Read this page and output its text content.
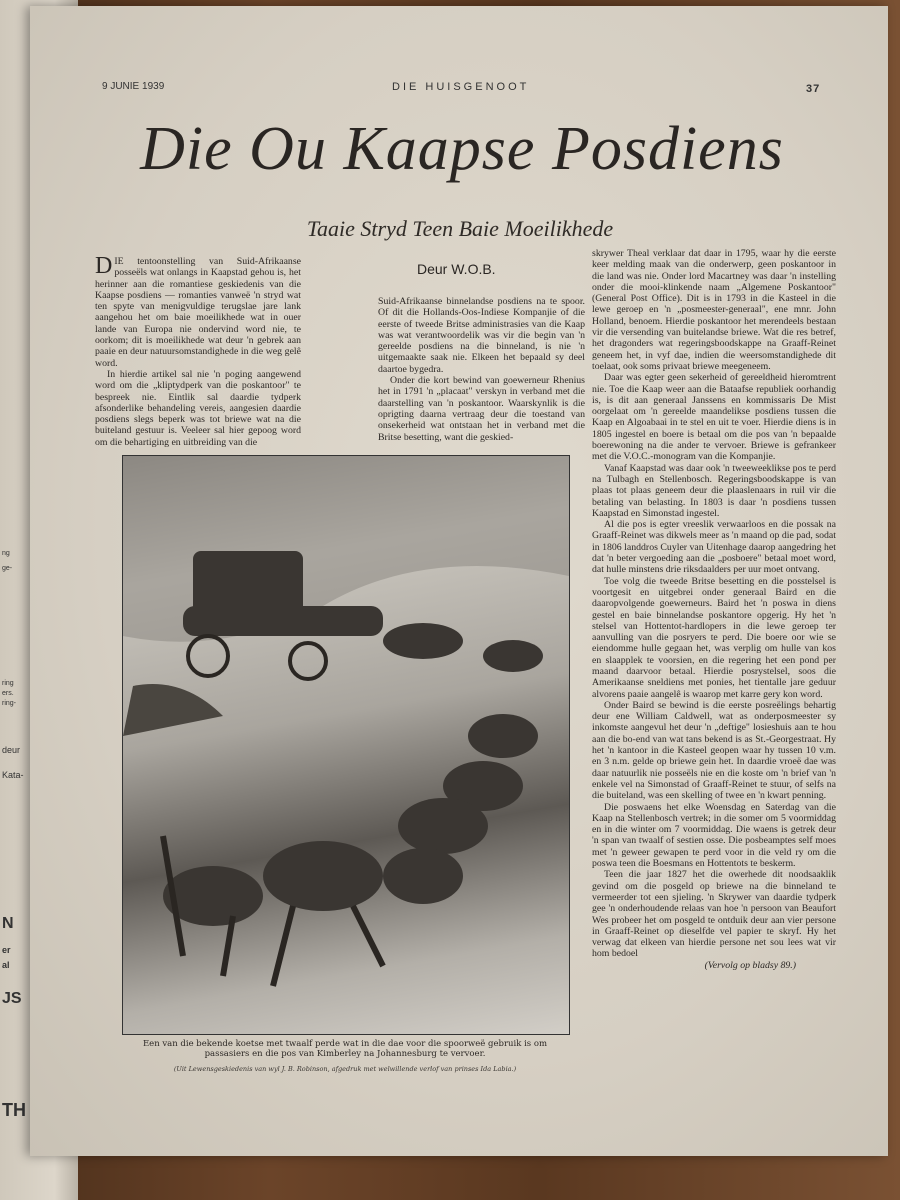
ng
ge-
ring
ers.
ring-
deur
Kata-
N
er
al
JS
TH
9 JUNIE 1939	DIE HUISGENOOT	37
Die Ou Kaapse Posdiens
Taaie Stryd Teen Baie Moeilikhede

DIE tentoonstelling van Suid-Afrikaanse posseëls wat onlangs in Kaapstad gehou is, het herinner aan die romantiese geskiedenis van die Kaapse posdiens — romanties vanweë 'n stryd wat ten spyte van menigvuldige terugslae jare lank aangehou het om baie moeilikhede wat in ouer lande van Europa nie ondervind word nie, te oorkom; dit is moeilikhede wat deur 'n gebrek aan paaie en deur natuursomstandighede in die weg gelê word.

In hierdie artikel sal nie 'n poging aangewend word om die „kliptydperk van die poskantoor" te bespreek nie. Eintlik sal daardie tydperk afsonderlike behandeling vereis, aangesien daardie posdiens slegs beperk was tot briewe wat na die buiteland gestuur is. Veeleer sal hier gepoog word om die behartiging en uitbreiding van die

Deur W.O.B.

Suid-Afrikaanse binnelandse posdiens na te spoor. Of dit die Hollands-Oos-Indiese Kompanjie of die eerste of tweede Britse administrasies van die Kaap was wat verantwoordelik was vir die begin van 'n gereelde posdiens na die binneland, is nie 'n uitgemaakte saak nie. Elkeen het bepaald sy deel daartoe bygedra.

Onder die kort bewind van goewerneur Rhenius het in 1791 'n „placaat" verskyn in verband met die daarstelling van 'n poskantoor. Waarskynlik is die oprigting daarna vertraag deur die toestand van onsekerheid wat ontstaan het in verband met die Britse besetting, want die geskied-

skrywer Theal verklaar dat daar in 1795, waar hy die eerste keer melding maak van die onderwerp, geen poskantoor in die land was nie. Onder lord Macartney was daar 'n instelling onder die mooi-klinkende naam „Algemene Poskantoor" (General Post Office). Dit is in 1793 in die Kasteel in die lewe geroep en 'n „posmeester-generaal", ene mnr. John Holland, benoem. Hierdie poskantoor het merendeels bestaan vir die versending van buitelandse briewe. Wat die res betref, het dragonders wat regeringsboodskappe na Graaff-Reinet geneem het, in vyf dae, indien die weersomstandighede dit toelaat, ook soms privaat briewe meegeneem.

Daar was egter geen sekerheid of gereeldheid hieromtrent nie. Toe die Kaap weer aan die Bataafse republiek oorhandig is, is dit aan generaal Janssens en kommissaris De Mist oorgelaat om 'n gereelde maandelikse posdiens tussen die Kaap en Algoabaai in te stel en uit te voer. Hierdie diens is in 1805 ingestel en boere is betaal om die pos van 'n bepaalde boerewoning na die ander te vervoer. Briewe is gefrankeer met die V.O.C.-monogram van die Kompanjie.

Vanaf Kaapstad was daar ook 'n tweeweeklikse pos te perd na Tulbagh en Stellenbosch. Regeringsboodskappe is van plaas tot plaas geneem deur die plaaslenaars in ruil vir die betaling van belasting. In 1803 is daar 'n posdiens tussen Kaapstad en Simonstad ingestel.

Al die pos is egter vreeslik verwaarloos en die possak na Graaff-Reinet was dikwels meer as 'n maand op die pad, sodat in 1806 landdros Cuyler van Uitenhage daarop aangedring het dat 'n beter vergoeding aan die „posboere" betaal moet word, dat hulle minstens drie riksdaalders per uur moet ontvang.

Toe volg die tweede Britse besetting en die posstelsel is voortgesit en uitgebrei onder generaal Baird en die daaropvolgende goewerneurs. Baird het 'n poswa in diens gestel en baie binnelandse poskantore opgerig. Hy het 'n stelsel van Hottentot-hardlopers in die lewe geroep ter aanvulling van die posryers te perd. Die boere oor wie se eiendomme hulle gegaan het, was verplig om hulle van kos en slaapplek te voorsien, en die regering het een pond per maand daarvoor betaal. Hierdie posrystelsel, soos die Amerikaanse sneldiens met ponies, het tientalle jare geduur alvorens paaie aangelê is waarop met karre gery kon word.

Onder Baird se bewind is die eerste posreëlings behartig deur ene William Caldwell, wat as onderposmeester sy inkomste aangevul het deur 'n „deftige" losieshuis aan te hou aan die bo-end van wat tans bekend is as St.-Georgestraat. Hy het 'n kantoor in die Kasteel geopen waar hy tussen 10 v.m. en 3 n.m. gelde op briewe gein het. In daardie vroeë dae was daar natuurlik nie posseëls nie en die koste om 'n brief van 'n enkele vel na Simonstad of Graaff-Reinet te stuur, of selfs na die buiteland, was een skelling of twee en 'n kwart penning.

Die poswaens het elke Woensdag en Saterdag van die Kaap na Stellenbosch vertrek; in die somer om 5 voormiddag en in die winter om 7 voormiddag. Die waens is getrek deur 'n span van twaalf of sestien osse. Die posbeamptes self moes met 'n geweer gewapen te perd voor in die veld ry om die poswa teen die Boesmans en Hottentots te beskerm.

Teen die jaar 1827 het die owerhede dit noodsaaklik gevind om die posgeld op briewe na die binneland te vermeerder tot een sjieling. 'n Skrywer van daardie tydperk gee 'n onderhoudende relaas van hoe 'n persoon van Beaufort Wes probeer het om posgeld te ontduik deur aan vier persone in Graaff-Reinet op dieselfde vel papier te skryf. Hy het verwag dat elkeen van hierdie persone net sou lees wat vir hom bedoel

(Vervolg op bladsy 89.)
Een van die bekende koetse met twaalf perde wat in die dae voor die spoorweë gebruik is om
passasiers en die pos van Kimberley na Johannesburg te vervoer.
(Uit Lewensgeskiedenis van wyl J. B. Robinson, afgedruk met welwillende verlof van prinses Ida Labia.)
